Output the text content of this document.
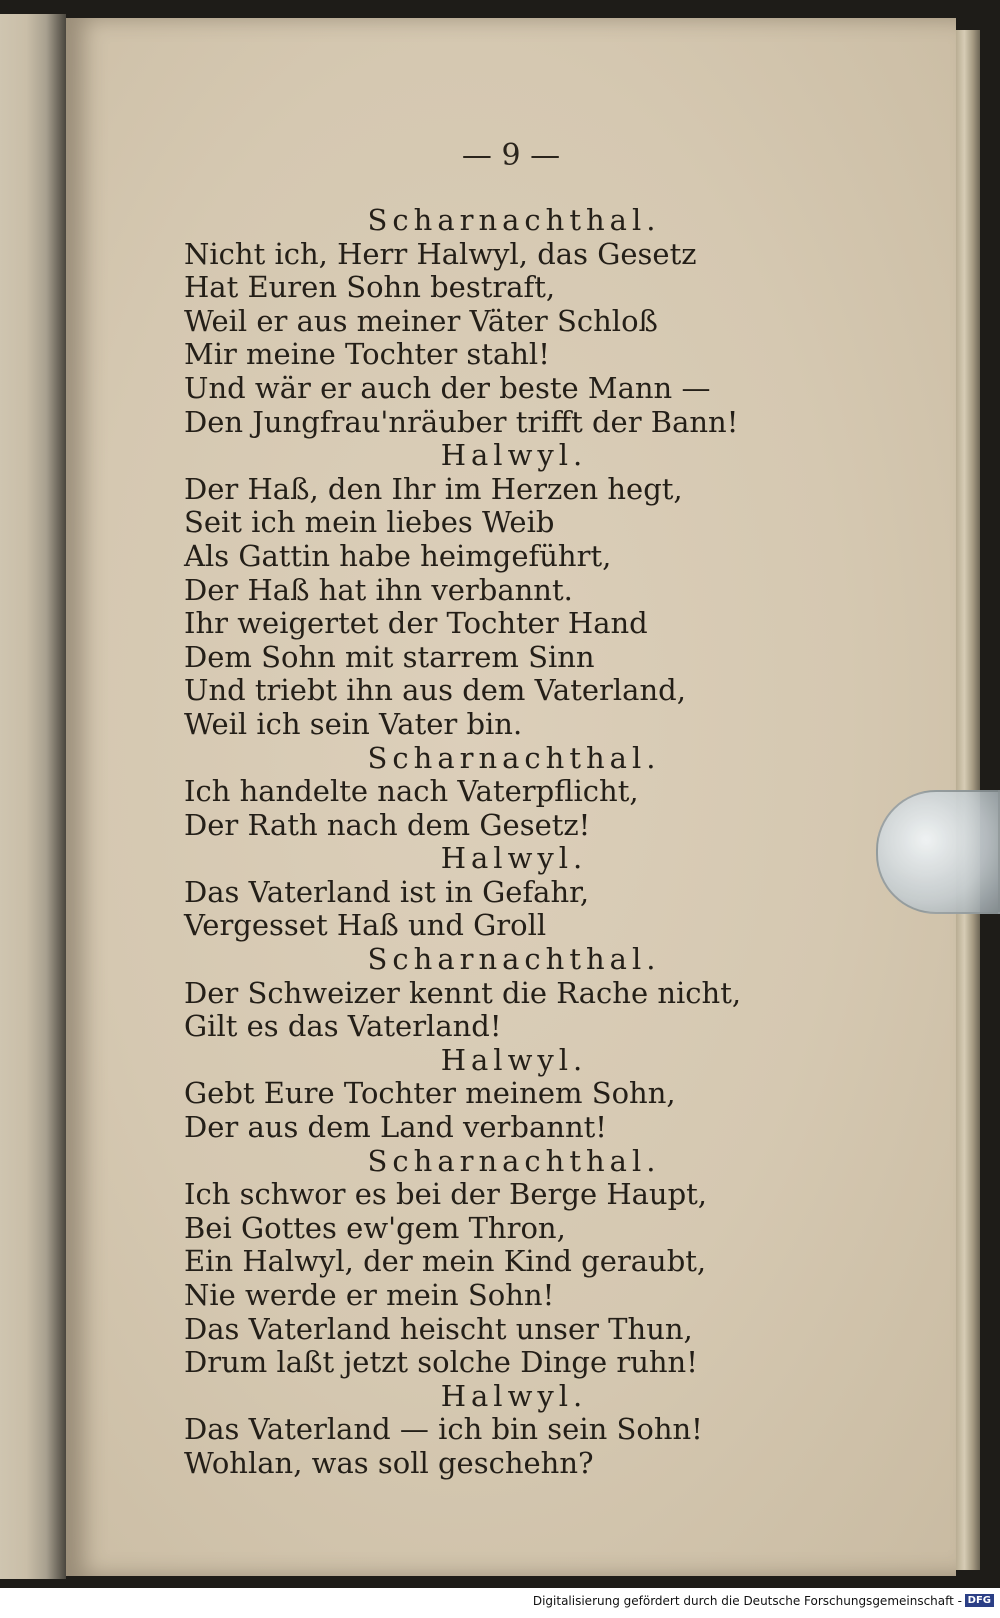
— 9 —
Scharnachthal.
Nicht ich, Herr Halwyl, das Gesetz
Hat Euren Sohn bestraft,
Weil er aus meiner Väter Schloß
Mir meine Tochter stahl!
Und wär er auch der beste Mann —
Den Jungfrau'nräuber trifft der Bann!
Halwyl.
Der Haß, den Ihr im Herzen hegt,
Seit ich mein liebes Weib
Als Gattin habe heimgeführt,
Der Haß hat ihn verbannt.
Ihr weigertet der Tochter Hand
Dem Sohn mit starrem Sinn
Und triebt ihn aus dem Vaterland,
Weil ich sein Vater bin.
Scharnachthal.
Ich handelte nach Vaterpflicht,
Der Rath nach dem Gesetz!
Halwyl.
Das Vaterland ist in Gefahr,
Vergesset Haß und Groll
Scharnachthal.
Der Schweizer kennt die Rache nicht,
Gilt es das Vaterland!
Halwyl.
Gebt Eure Tochter meinem Sohn,
Der aus dem Land verbannt!
Scharnachthal.
Ich schwor es bei der Berge Haupt,
Bei Gottes ew'gem Thron,
Ein Halwyl, der mein Kind geraubt,
Nie werde er mein Sohn!
Das Vaterland heischt unser Thun,
Drum laßt jetzt solche Dinge ruhn!
Halwyl.
Das Vaterland — ich bin sein Sohn!
Wohlan, was soll geschehn?
Digitalisierung gefördert durch die Deutsche Forschungsgemeinschaft - DFG
